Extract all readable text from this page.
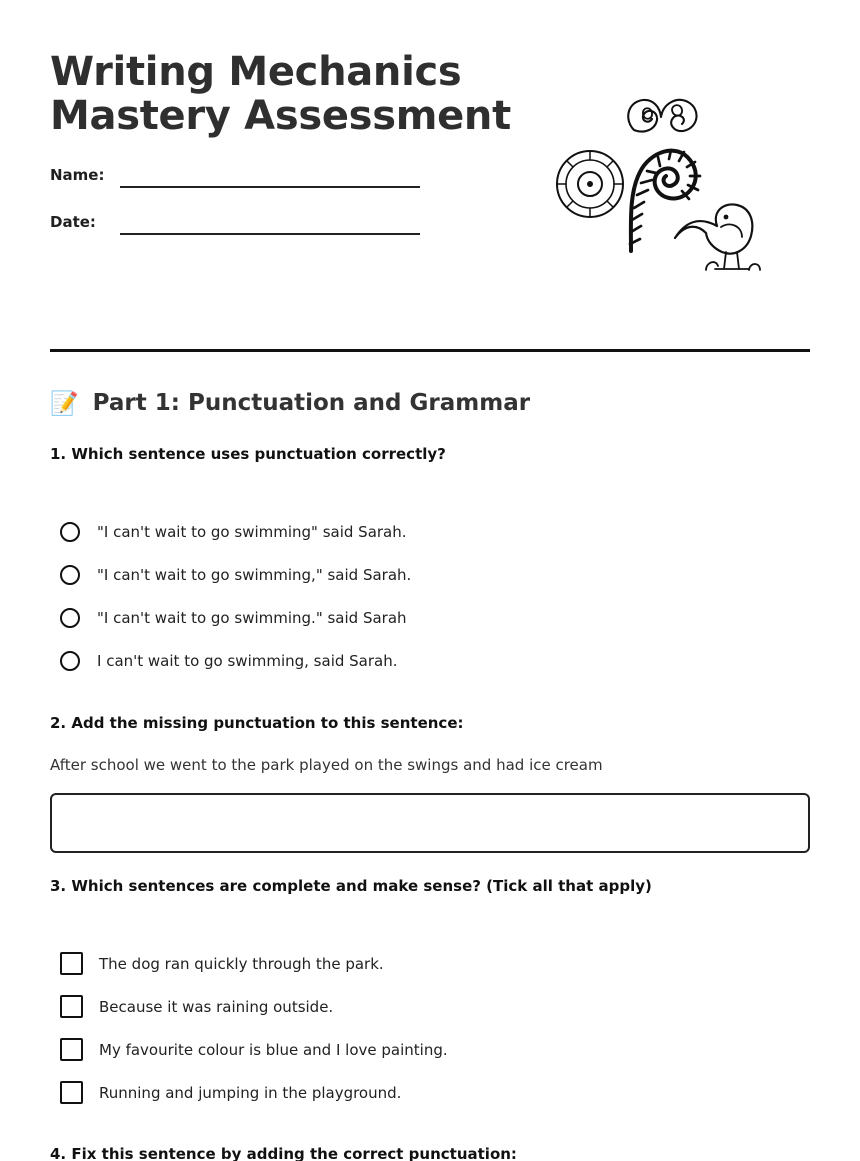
Writing Mechanics
Mastery Assessment
Name:
Date:
📝 Part 1: Punctuation and Grammar

1. Which sentence uses punctuation correctly?

"I can't wait to go swimming" said Sarah.
"I can't wait to go swimming," said Sarah.
"I can't wait to go swimming." said Sarah
I can't wait to go swimming, said Sarah.

2. Add the missing punctuation to this sentence:

After school we went to the park played on the swings and had ice cream

3. Which sentences are complete and make sense? (Tick all that apply)

The dog ran quickly through the park.
Because it was raining outside.
My favourite colour is blue and I love painting.
Running and jumping in the playground.

4. Fix this sentence by adding the correct punctuation:
